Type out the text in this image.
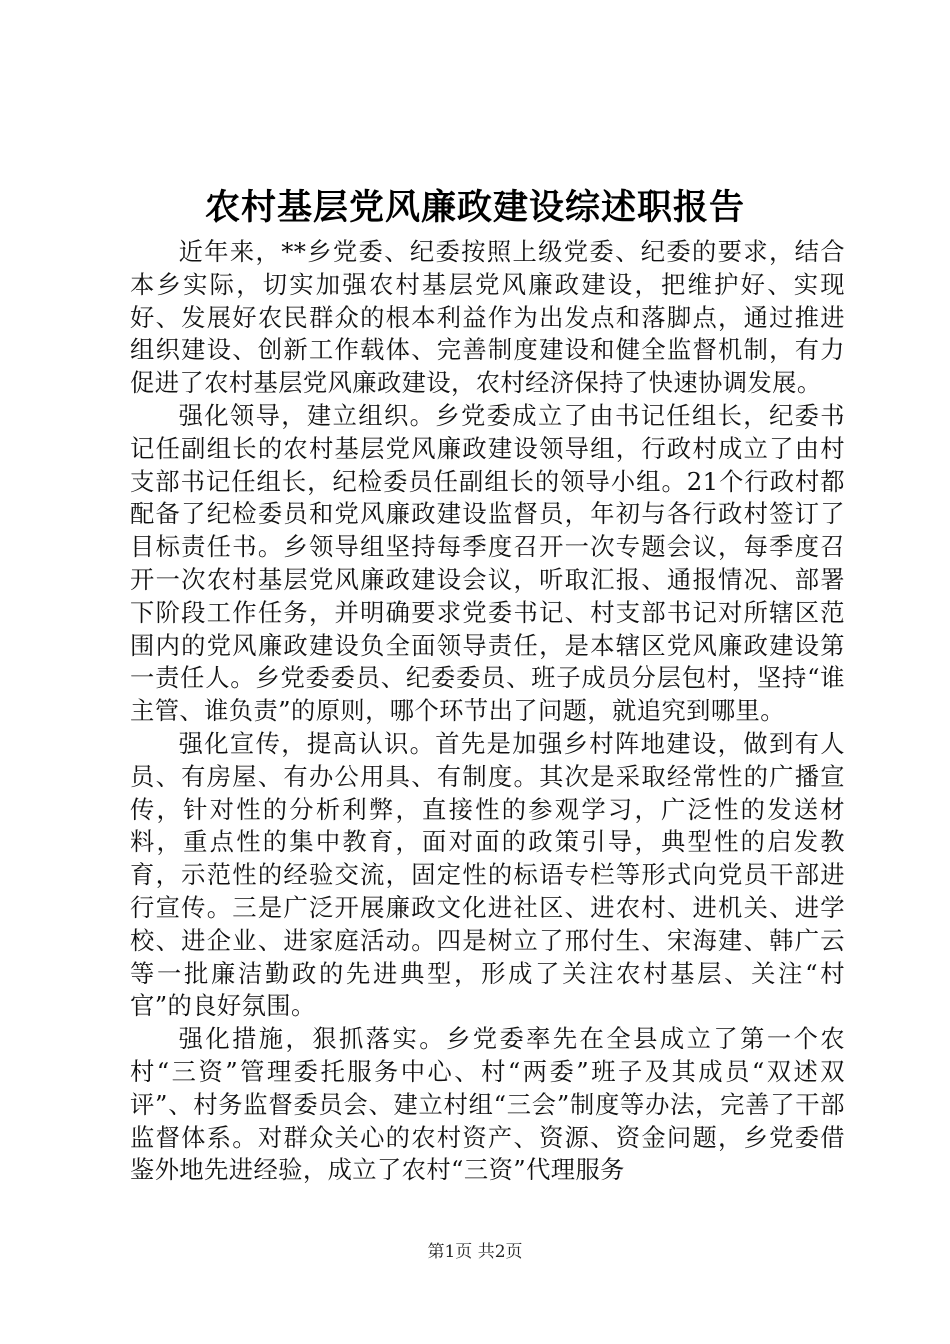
农村基层党风廉政建设综述职报告

近年来，**乡党委、纪委按照上级党委、纪委的要求，结合本乡实际，切实加强农村基层党风廉政建设，把维护好、实现好、发展好农民群众的根本利益作为出发点和落脚点，通过推进组织建设、创新工作载体、完善制度建设和健全监督机制，有力促进了农村基层党风廉政建设，农村经济保持了快速协调发展。

强化领导，建立组织。乡党委成立了由书记任组长，纪委书记任副组长的农村基层党风廉政建设领导组，行政村成立了由村支部书记任组长，纪检委员任副组长的领导小组。21个行政村都配备了纪检委员和党风廉政建设监督员，年初与各行政村签订了目标责任书。乡领导组坚持每季度召开一次专题会议，每季度召开一次农村基层党风廉政建设会议，听取汇报、通报情况、部署下阶段工作任务，并明确要求党委书记、村支部书记对所辖区范围内的党风廉政建设负全面领导责任，是本辖区党风廉政建设第一责任人。乡党委委员、纪委委员、班子成员分层包村，坚持“谁主管、谁负责”的原则，哪个环节出了问题，就追究到哪里。

强化宣传，提高认识。首先是加强乡村阵地建设，做到有人员、有房屋、有办公用具、有制度。其次是采取经常性的广播宣传，针对性的分析利弊，直接性的参观学习，广泛性的发送材料，重点性的集中教育，面对面的政策引导，典型性的启发教育，示范性的经验交流，固定性的标语专栏等形式向党员干部进行宣传。三是广泛开展廉政文化进社区、进农村、进机关、进学校、进企业、进家庭活动。四是树立了邢付生、宋海建、韩广云等一批廉洁勤政的先进典型，形成了关注农村基层、关注“村官”的良好氛围。

强化措施，狠抓落实。乡党委率先在全县成立了第一个农村“三资”管理委托服务中心、村“两委”班子及其成员“双述双评”、村务监督委员会、建立村组“三会”制度等办法，完善了干部监督体系。对群众关心的农村资产、资源、资金问题，乡党委借鉴外地先进经验，成立了农村“三资”代理服务

第1页 共2页
